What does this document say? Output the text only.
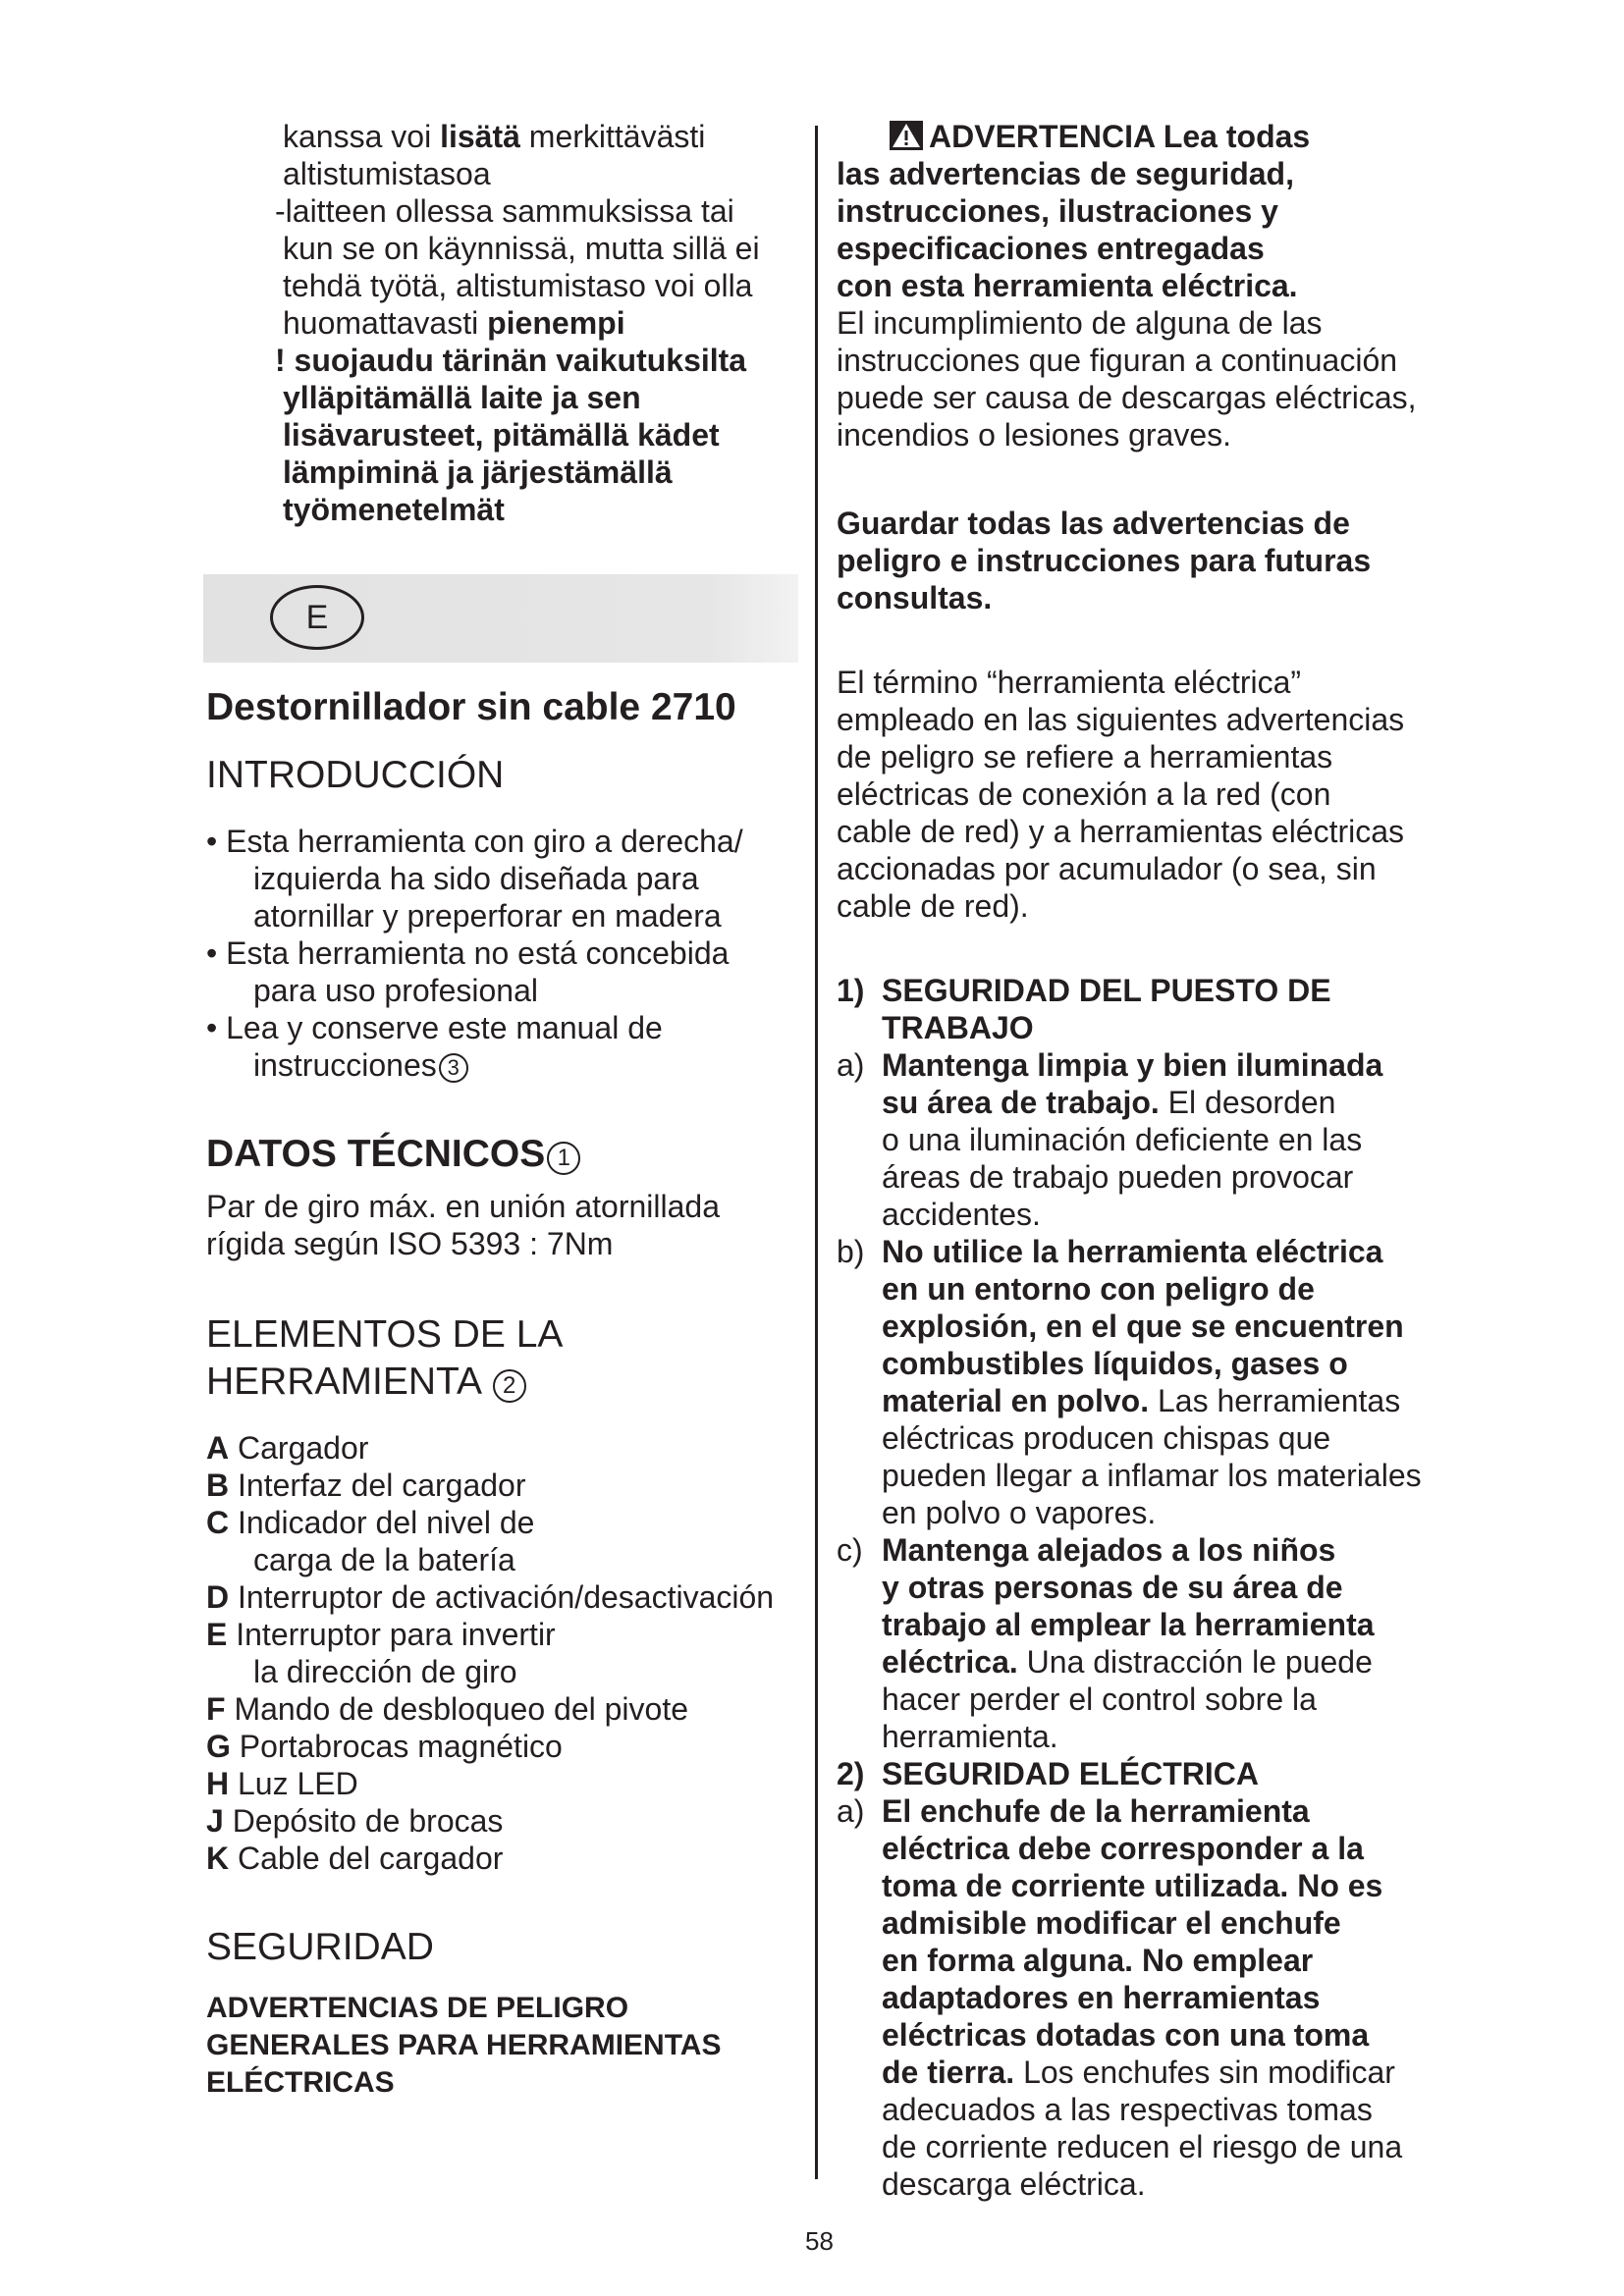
kanssa voi lisätä merkittävästi

altistumistasoa

-laitteen ollessa sammuksissa tai

kun se on käynnissä, mutta sillä ei

tehdä työtä, altistumistaso voi olla

huomattavasti pienempi

! suojaudu tärinän vaikutuksilta

ylläpitämällä laite ja sen

lisävarusteet, pitämällä kädet

lämpiminä ja järjestämällä

työmenetelmät

E

Destornillador sin cable 2710

INTRODUCCIÓN

• Esta herramienta con giro a derecha/

izquierda ha sido diseñada para

atornillar y preperforar en madera

• Esta herramienta no está concebida

para uso profesional

• Lea y conserve este manual de

instrucciones 3

DATOS TÉCNICOS 1

Par de giro máx. en unión atornillada

rígida según ISO 5393 : 7Nm

ELEMENTOS DE LA

HERRAMIENTA 2

A Cargador

B Interfaz del cargador

C Indicador del nivel de

carga de la batería

D Interruptor de activación/desactivación

E Interruptor para invertir

la dirección de giro

F Mando de desbloqueo del pivote

G Portabrocas magnético

H Luz LED

J Depósito de brocas

K Cable del cargador

SEGURIDAD

ADVERTENCIAS DE PELIGRO

GENERALES PARA HERRAMIENTAS

ELÉCTRICAS

ADVERTENCIA Lea todas

las advertencias de seguridad,

instrucciones, ilustraciones y

especificaciones entregadas

con esta herramienta eléctrica.

El incumplimiento de alguna de las

instrucciones que figuran a continuación

puede ser causa de descargas eléctricas,

incendios o lesiones graves.

Guardar todas las advertencias de

peligro e instrucciones para futuras

consultas.

El término “herramienta eléctrica”

empleado en las siguientes advertencias

de peligro se refiere a herramientas

eléctricas de conexión a la red (con

cable de red) y a herramientas eléctricas

accionadas por acumulador (o sea, sin

cable de red).

1) SEGURIDAD DEL PUESTO DE

TRABAJO

a) Mantenga limpia y bien iluminada

su área de trabajo. El desorden

o una iluminación deficiente en las

áreas de trabajo pueden provocar

accidentes.

b) No utilice la herramienta eléctrica

en un entorno con peligro de

explosión, en el que se encuentren

combustibles líquidos, gases o

material en polvo. Las herramientas

eléctricas producen chispas que

pueden llegar a inflamar los materiales

en polvo o vapores.

c) Mantenga alejados a los niños

y otras personas de su área de

trabajo al emplear la herramienta

eléctrica. Una distracción le puede

hacer perder el control sobre la

herramienta.

2) SEGURIDAD ELÉCTRICA

a) El enchufe de la herramienta

eléctrica debe corresponder a la

toma de corriente utilizada. No es

admisible modificar el enchufe

en forma alguna. No emplear

adaptadores en herramientas

eléctricas dotadas con una toma

de tierra. Los enchufes sin modificar

adecuados a las respectivas tomas

de corriente reducen el riesgo de una

descarga eléctrica.

58
